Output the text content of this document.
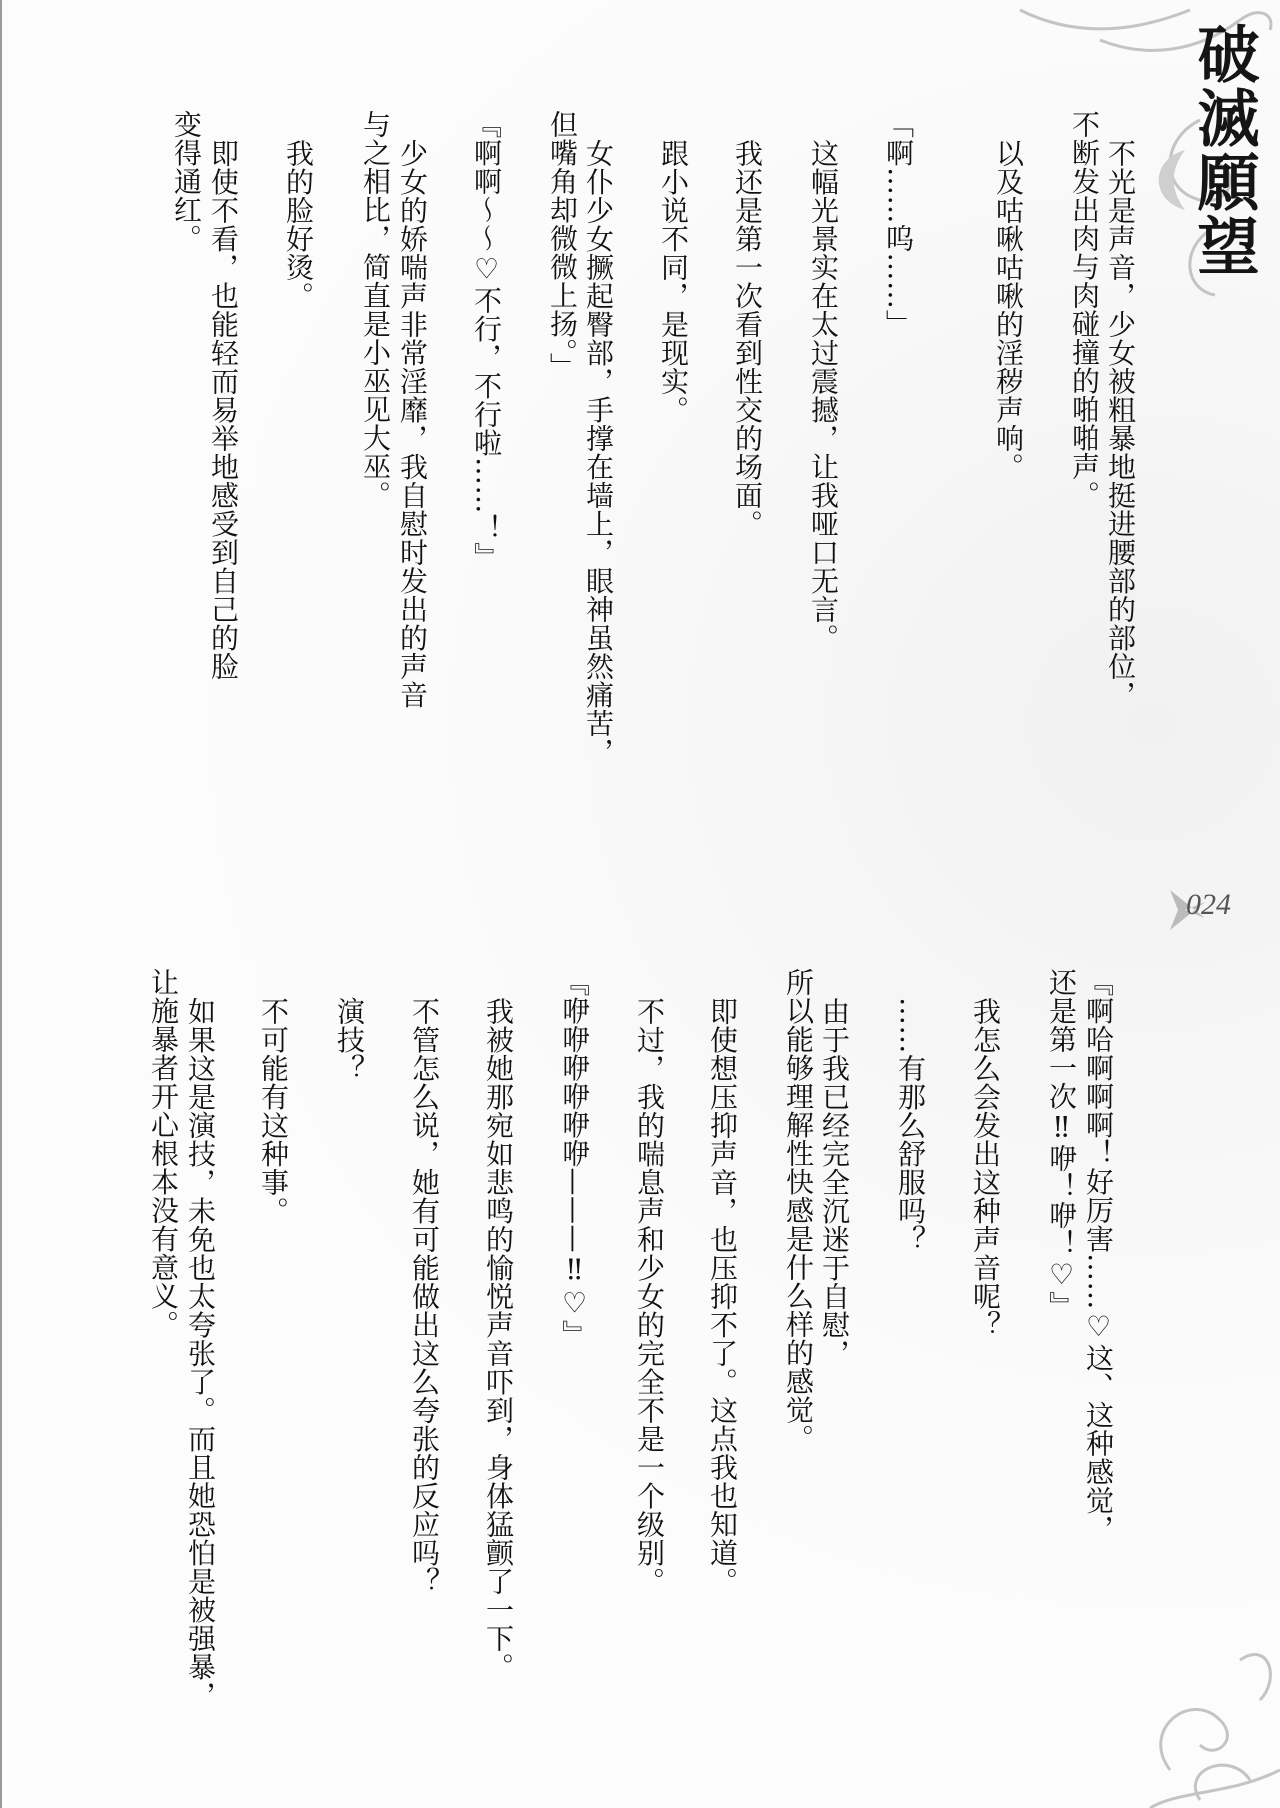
破滅願望
024
不光是声音，少女被粗暴地挺进腰部的部位，
不断发出肉与肉碰撞的啪啪声。
以及咕啾咕啾的淫秽声响。
「啊……呜……」
这幅光景实在太过震撼，让我哑口无言。
我还是第一次看到性交的场面。
跟小说不同，是现实。
女仆少女撅起臀部，手撑在墙上，眼神虽然痛苦，
但嘴角却微微上扬。」
『啊啊～～♡不行，不行啦……！』
少女的娇喘声非常淫靡，我自慰时发出的声音
与之相比，简直是小巫见大巫。
我的脸好烫。
即使不看，也能轻而易举地感受到自己的脸
变得通红。
『啊哈啊啊啊！好厉害……♡这、这种感觉，
还是第一次‼咿！咿！♡』
我怎么会发出这种声音呢？
……有那么舒服吗？
由于我已经完全沉迷于自慰，
所以能够理解性快感是什么样的感觉。
即使想压抑声音，也压抑不了。这点我也知道。
不过，我的喘息声和少女的完全不是一个级别。
『咿咿咿咿咿咿———‼♡』
我被她那宛如悲鸣的愉悦声音吓到，身体猛颤了一下。
不管怎么说，她有可能做出这么夸张的反应吗？
演技？
不可能有这种事。
如果这是演技，未免也太夸张了。而且她恐怕是被强暴，
让施暴者开心根本没有意义。
